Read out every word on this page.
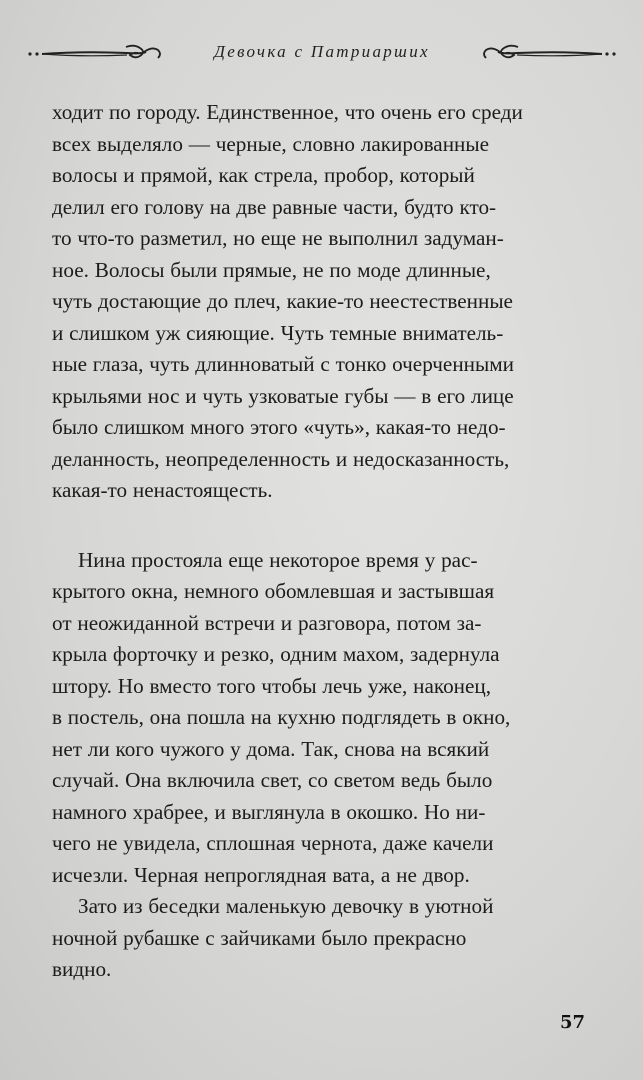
Девочка с Патриарших

ходит по городу. Единственное, что очень его среди
всех выделяло — черные, словно лакированные
волосы и прямой, как стрела, пробор, который
делил его голову на две равные части, будто кто-
то что-то разметил, но еще не выполнил задуман-
ное. Волосы были прямые, не по моде длинные,
чуть достающие до плеч, какие-то неестественные
и слишком уж сияющие. Чуть темные вниматель-
ные глаза, чуть длинноватый с тонко очерченными
крыльями нос и чуть узковатые губы — в его лице
было слишком много этого «чуть», какая-то недо-
деланность, неопределенность и недосказанность,
какая-то ненастоящесть.

Нина простояла еще некоторое время у рас-
крытого окна, немного обомлевшая и застывшая
от неожиданной встречи и разговора, потом за-
крыла форточку и резко, одним махом, задернула
штору. Но вместо того чтобы лечь уже, наконец,
в постель, она пошла на кухню подглядеть в окно,
нет ли кого чужого у дома. Так, снова на всякий
случай. Она включила свет, со светом ведь было
намного храбрее, и выглянула в окошко. Но ни-
чего не увидела, сплошная чернота, даже качели
исчезли. Черная непроглядная вата, а не двор.

Зато из беседки маленькую девочку в уютной
ночной рубашке с зайчиками было прекрасно
видно.

57
